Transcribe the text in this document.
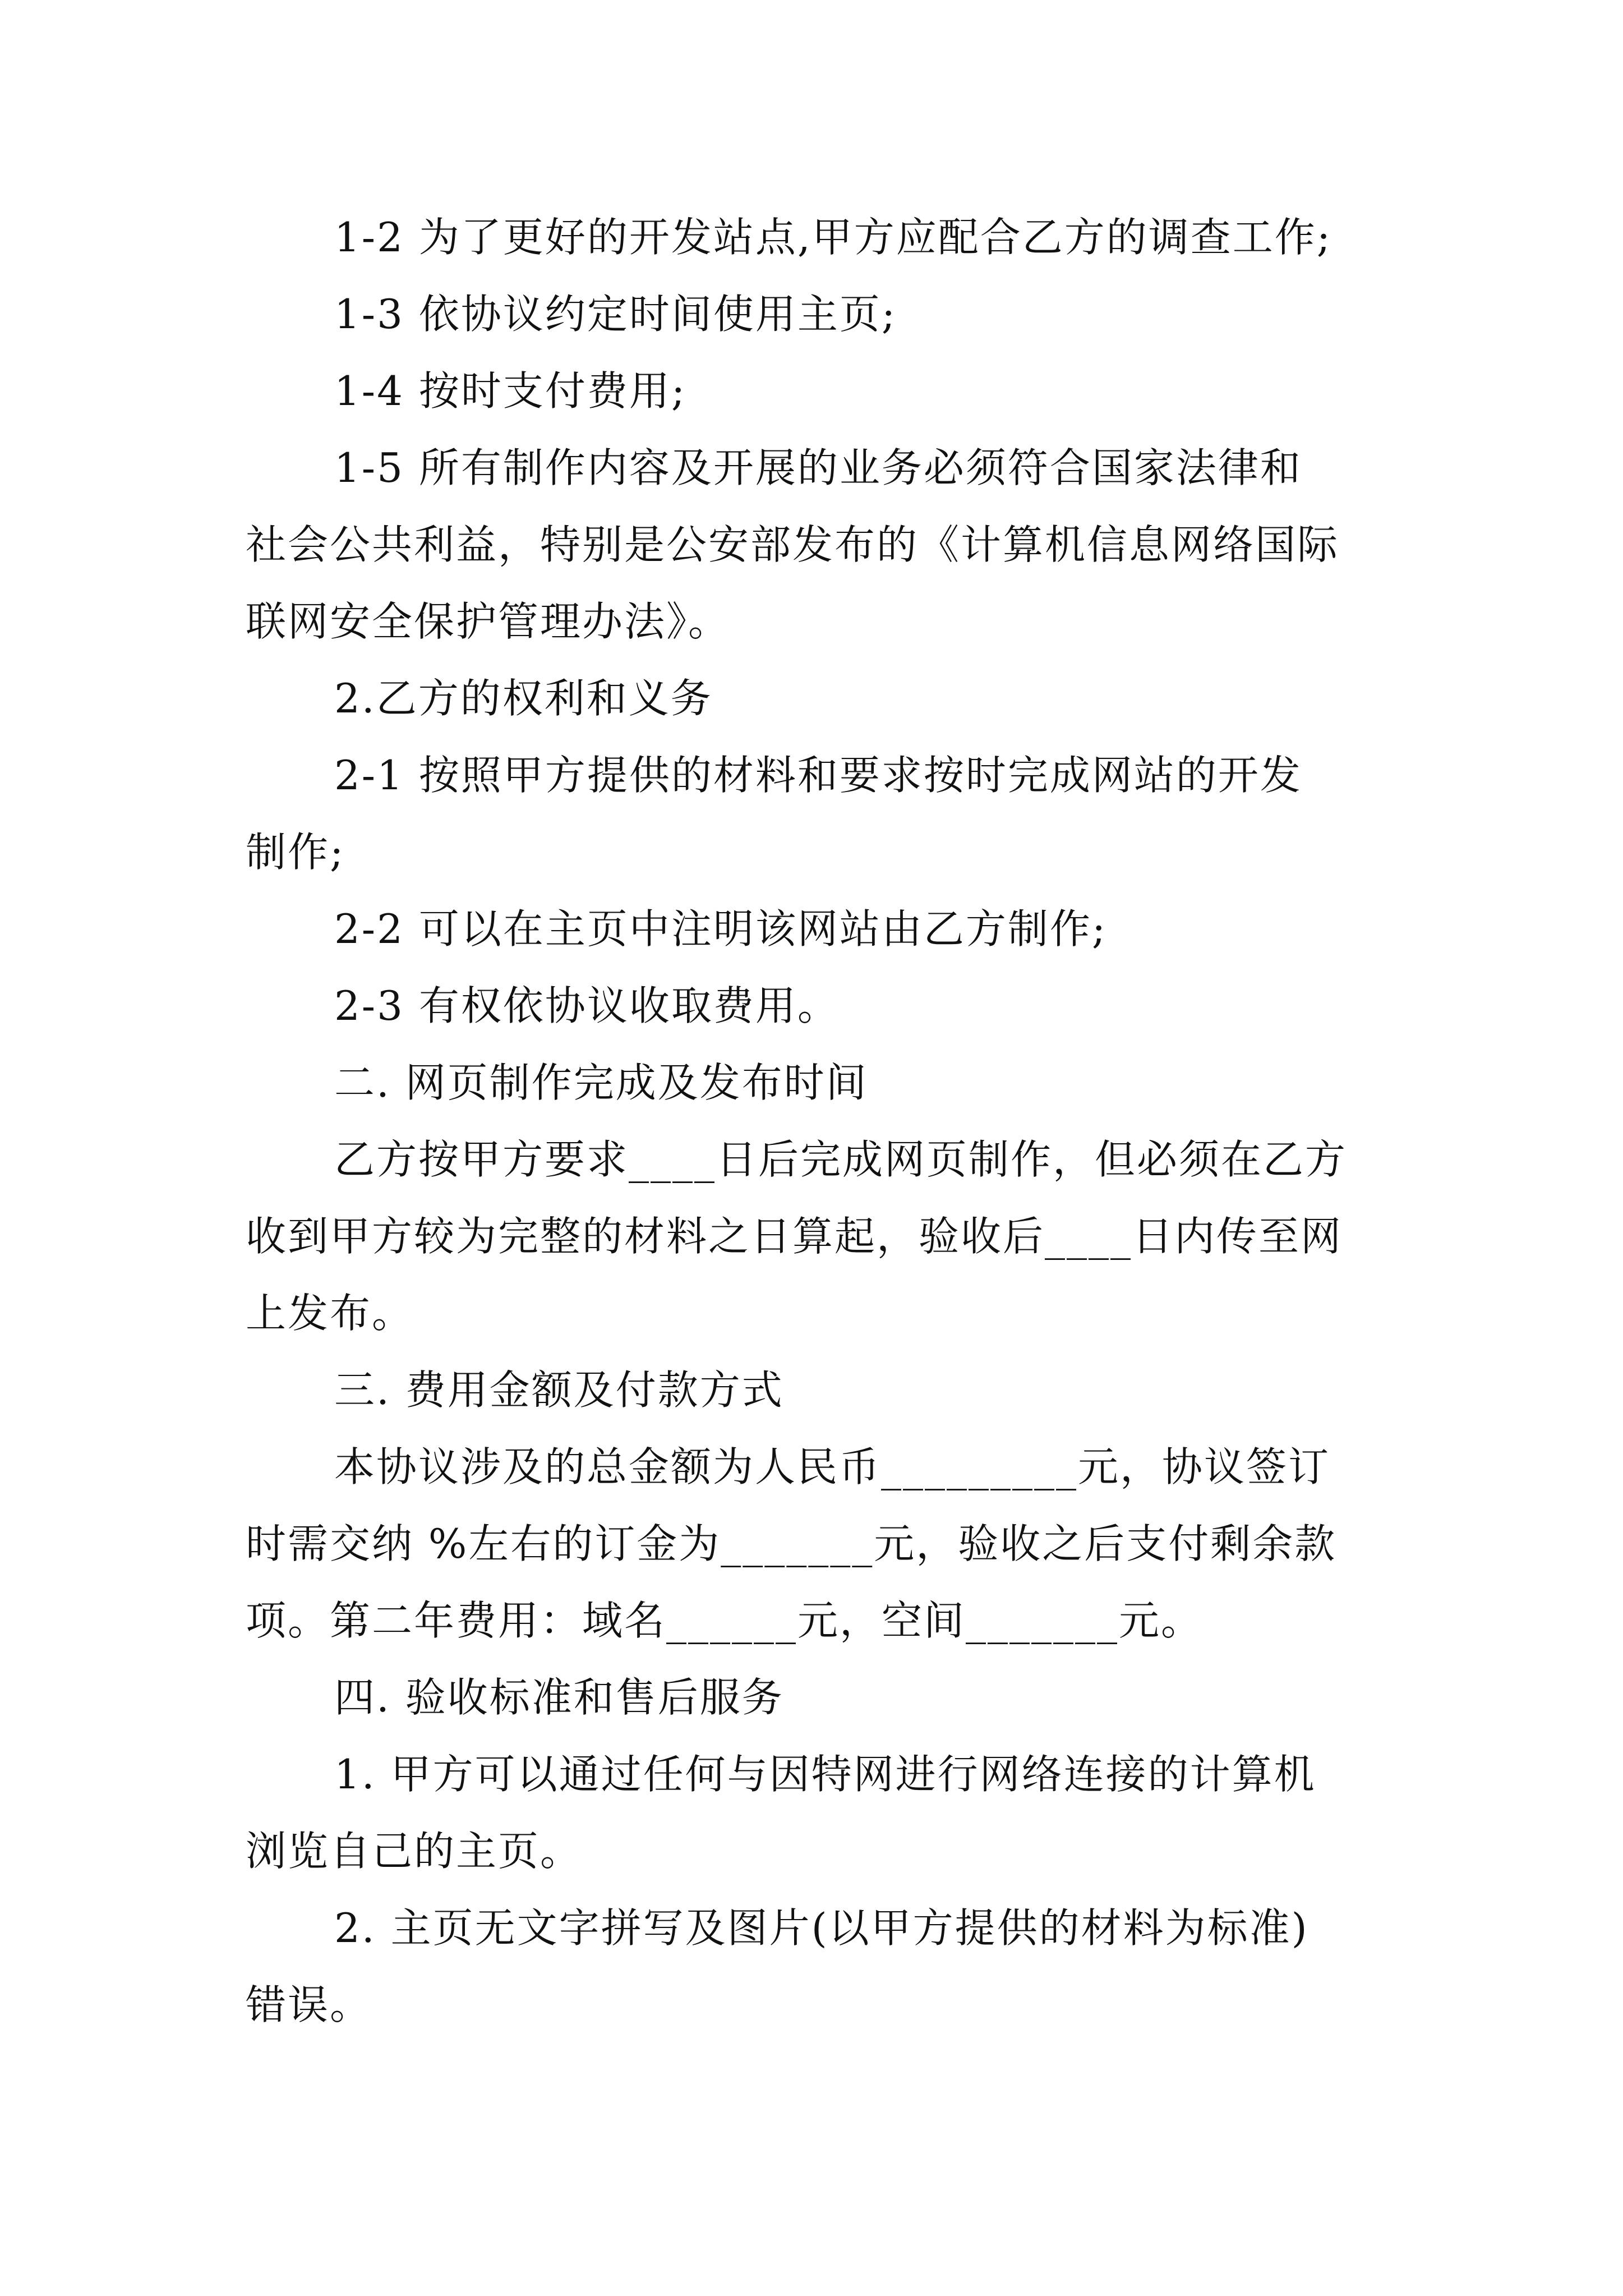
1-2 为了更好的开发站点,甲方应配合乙方的调查工作;

1-3 依协议约定时间使用主页;

1-4 按时支付费用;

1-5 所有制作内容及开展的业务必须符合国家法律和
社会公共利益，特别是公安部发布的《计算机信息网络国际
联网安全保护管理办法》。

2.乙方的权利和义务

2-1 按照甲方提供的材料和要求按时完成网站的开发
制作;

2-2 可以在主页中注明该网站由乙方制作;

2-3 有权依协议收取费用。

二. 网页制作完成及发布时间

乙方按甲方要求____日后完成网页制作，但必须在乙方
收到甲方较为完整的材料之日算起，验收后____日内传至网
上发布。

三. 费用金额及付款方式

本协议涉及的总金额为人民币_________元，协议签订
时需交纳 %左右的订金为_______元，验收之后支付剩余款
项。第二年费用：域名______元，空间_______元。

四. 验收标准和售后服务

1. 甲方可以通过任何与因特网进行网络连接的计算机
浏览自己的主页。

2. 主页无文字拼写及图片(以甲方提供的材料为标准)
错误。
